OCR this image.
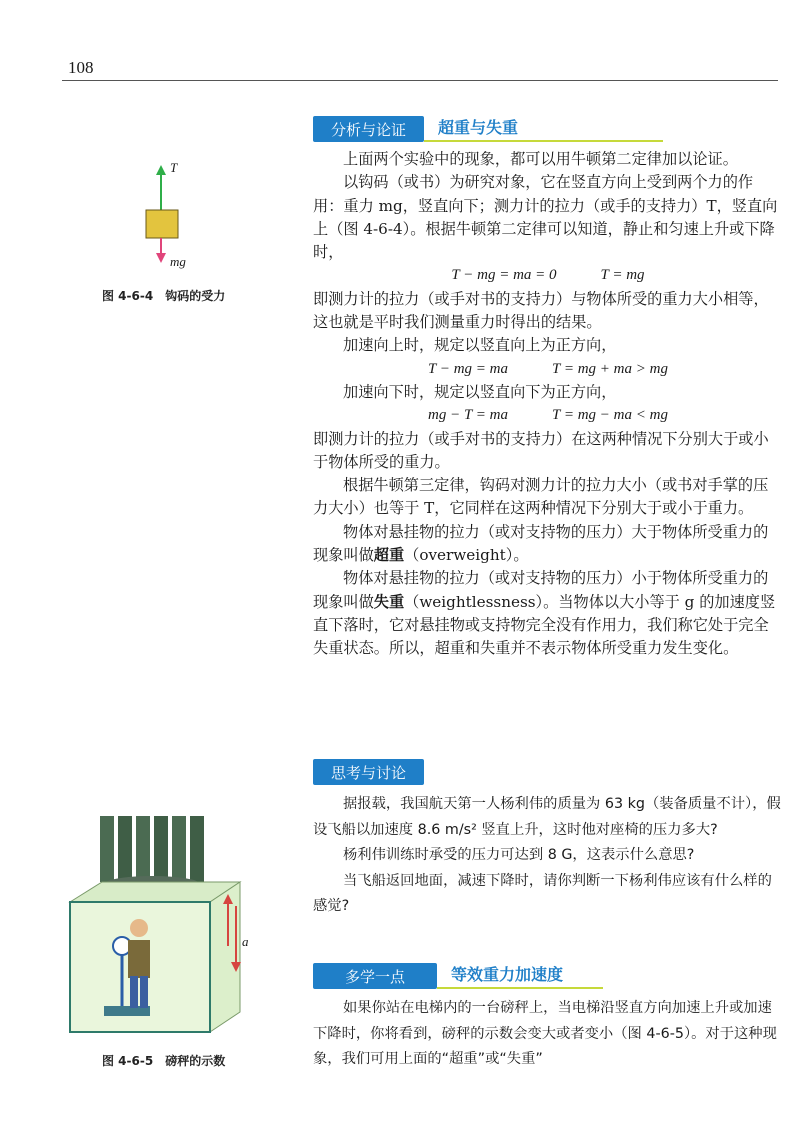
108
T
mg
图 4-6-4　钩码的受力
分析与论证	超重与失重

上面两个实验中的现象，都可以用牛顿第二定律加以论证。

以钩码（或书）为研究对象，它在竖直方向上受到两个力的作用：重力 mg，竖直向下；测力计的拉力（或手的支持力）T，竖直向上（图 4-6-4）。根据牛顿第二定律可以知道，静止和匀速上升或下降时，

T − mg = ma = 0	T = mg

即测力计的拉力（或手对书的支持力）与物体所受的重力大小相等，这也就是平时我们测量重力时得出的结果。

加速向上时，规定以竖直向上为正方向，

T − mg = ma	T = mg + ma > mg

加速向下时，规定以竖直向下为正方向，

mg − T = ma	T = mg − ma < mg

即测力计的拉力（或手对书的支持力）在这两种情况下分别大于或小于物体所受的重力。

根据牛顿第三定律，钩码对测力计的拉力大小（或书对手掌的压力大小）也等于 T，它同样在这两种情况下分别大于或小于重力。

物体对悬挂物的拉力（或对支持物的压力）大于物体所受重力的现象叫做超重（overweight）。

物体对悬挂物的拉力（或对支持物的压力）小于物体所受重力的现象叫做失重（weightlessness）。当物体以大小等于 g 的加速度竖直下落时，它对悬挂物或支持物完全没有作用力，我们称它处于完全失重状态。所以，超重和失重并不表示物体所受重力发生变化。

思考与讨论

据报载，我国航天第一人杨利伟的质量为 63 kg（装备质量不计），假设飞船以加速度 8.6 m/s² 竖直上升，这时他对座椅的压力多大?

杨利伟训练时承受的压力可达到 8 G，这表示什么意思?

当飞船返回地面，减速下降时，请你判断一下杨利伟应该有什么样的感觉?

a
图 4-6-5　磅秤的示数
多学一点	等效重力加速度

如果你站在电梯内的一台磅秤上，当电梯沿竖直方向加速上升或加速下降时，你将看到，磅秤的示数会变大或者变小（图 4-6-5）。对于这种现象，我们可用上面的“超重”或“失重”
